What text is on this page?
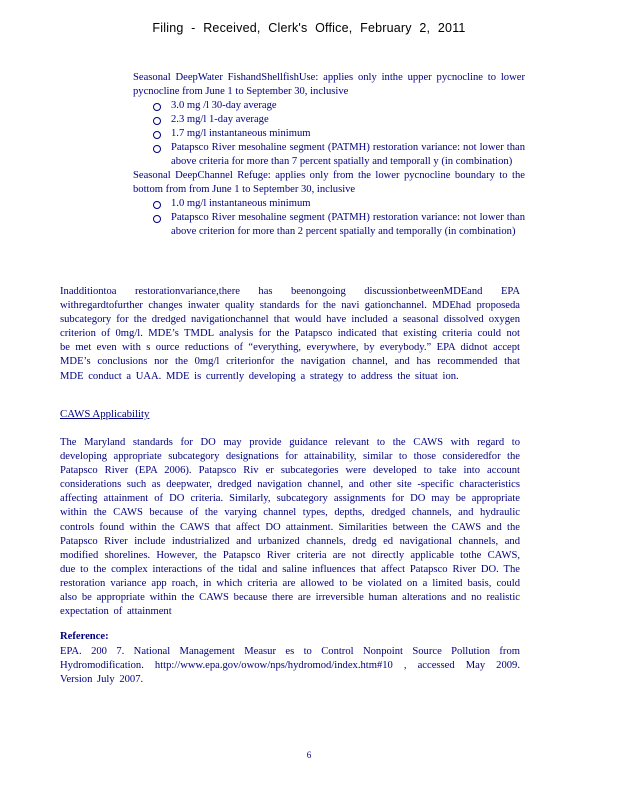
Filing - Received, Clerk's Office, February 2, 2011
Seasonal DeepWater FishandShellfishUse: applies only inthe upper pycnocline to lower pycnocline from June 1 to September 30, inclusive
3.0 mg /l 30-day average
2.3 mg/l 1-day average
1.7 mg/l instantaneous minimum
Patapsco River mesohaline segment (PATMH) restoration variance: not lower than above criteria for more than 7 percent spatially and temporall y (in combination)
Seasonal DeepChannel Refuge: applies only from the lower pycnocline boundary to the bottom from from June 1 to September 30, inclusive
1.0 mg/l instantaneous minimum
Patapsco River mesohaline segment (PATMH) restoration variance: not lower than above criterion for more than 2 percent spatially and temporally (in combination)
Inadditiontoa restorationvariance,there has beenongoing discussionbetweenMDEand EPA withregardtofurther changes inwater quality standards for the navi gationchannel. MDEhad proposeda subcategory for the dredged navigationchannel that would have included a seasonal dissolved oxygen criterion of 0mg/l. MDE’s TMDL analysis for the Patapsco indicated that existing criteria could not be met even with s ource reductions of “everything, everywhere, by everybody.” EPA didnot accept MDE’s conclusions nor the 0mg/l criterionfor the navigation channel, and has recommended that MDE conduct a UAA. MDE is currently developing a strategy to address the situat ion.
CAWS Applicability
The Maryland standards for DO may provide guidance relevant to the CAWS with regard to developing appropriate subcategory designations for attainability, similar to those consideredfor the Patapsco River (EPA 2006). Patapsco Riv er subcategories were developed to take into account considerations such as deepwater, dredged navigation channel, and other site -specific characteristics affecting attainment of DO criteria. Similarly, subcategory assignments for DO may be appropriate within the CAWS because of the varying channel types, depths, dredged channels, and hydraulic controls found within the CAWS that affect DO attainment. Similarities between the CAWS and the Patapsco River include industrialized and urbanized channels, dredg ed navigational channels, and modified shorelines. However, the Patapsco River criteria are not directly applicable tothe CAWS, due to the complex interactions of the tidal and saline influences that affect Patapsco River DO. The restoration variance app roach, in which criteria are allowed to be violated on a limited basis, could also be appropriate within the CAWS because there are irreversible human alterations and no realistic expectation of attainment
Reference:
EPA. 200 7. National Management Measur es to Control Nonpoint Source Pollution from Hydromodification. http://www.epa.gov/owow/nps/hydromod/index.htm#10 , accessed May 2009. Version July 2007.
6
